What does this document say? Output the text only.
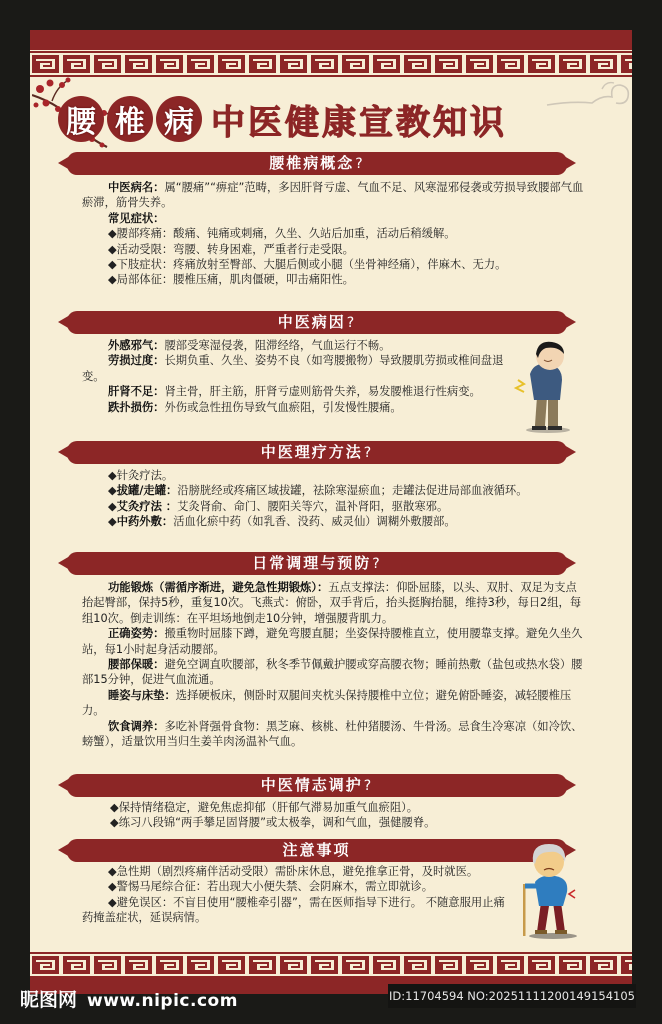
腰 椎 病 中医健康宣教知识
腰椎病概念?

中医病名：属“腰痛”“痹症”范畴，多因肝肾亏虚、气血不足、风寒湿邪侵袭或劳损导致腰部气血瘀滞，筋骨失养。

常见症状：

◆腰部疼痛：酸痛、钝痛或刺痛，久坐、久站后加重，活动后稍缓解。

◆活动受限：弯腰、转身困难，严重者行走受限。

◆下肢症状：疼痛放射至臀部、大腿后侧或小腿（坐骨神经痛），伴麻木、无力。

◆局部体征：腰椎压痛，肌肉僵硬，叩击痛阳性。

中医病因?

外感邪气：腰部受寒湿侵袭，阻滞经络，气血运行不畅。

劳损过度：长期负重、久坐、姿势不良（如弯腰搬物）导致腰肌劳损或椎间盘退变。

肝肾不足：肾主骨，肝主筋，肝肾亏虚则筋骨失养，易发腰椎退行性病变。

跌扑损伤：外伤或急性扭伤导致气血瘀阻，引发慢性腰痛。

中医理疗方法?

◆针灸疗法。

◆拔罐/走罐：沿膀胱经或疼痛区域拔罐，祛除寒湿瘀血；走罐法促进局部血液循环。

◆艾灸疗法 ：艾灸肾俞、命门、腰阳关等穴，温补肾阳，驱散寒邪。

◆中药外敷：活血化瘀中药（如乳香、没药、威灵仙）调糊外敷腰部。

日常调理与预防?

功能锻炼（需循序渐进，避免急性期锻炼）：五点支撑法：仰卧屈膝，以头、双肘、双足为支点抬起臀部，保持5秒，重复10次。飞燕式：俯卧，双手背后，抬头挺胸抬腿，维持3秒，每日2组，每组10次。倒走训练：在平坦场地倒走10分钟，增强腰背肌力。

正确姿势：搬重物时屈膝下蹲，避免弯腰直腿；坐姿保持腰椎直立，使用腰靠支撑。避免久坐久站，每1小时起身活动腰部。

腰部保暖：避免空调直吹腰部，秋冬季节佩戴护腰或穿高腰衣物；睡前热敷（盐包或热水袋）腰部15分钟，促进气血流通。

睡姿与床垫：选择硬板床，侧卧时双腿间夹枕头保持腰椎中立位；避免俯卧睡姿，减轻腰椎压力。

饮食调养：多吃补肾强骨食物：黑芝麻、核桃、杜仲猪腰汤、牛骨汤。忌食生冷寒凉（如冷饮、螃蟹），适量饮用当归生姜羊肉汤温补气血。

中医情志调护?

◆保持情绪稳定，避免焦虑抑郁（肝郁气滞易加重气血瘀阻）。

◆练习八段锦“两手攀足固肾腰”或太极拳，调和气血，强健腰脊。

注意事项

◆急性期（剧烈疼痛伴活动受限）需卧床休息，避免推拿正骨，及时就医。

◆警惕马尾综合征：若出现大小便失禁、会阴麻木，需立即就诊。

◆避免误区：不盲目使用“腰椎牵引器”，需在医师指导下进行。 不随意服用止痛药掩盖症状，延误病情。

昵图网 www.nipic.com	ID:11704594 NO:20251111200149154105
